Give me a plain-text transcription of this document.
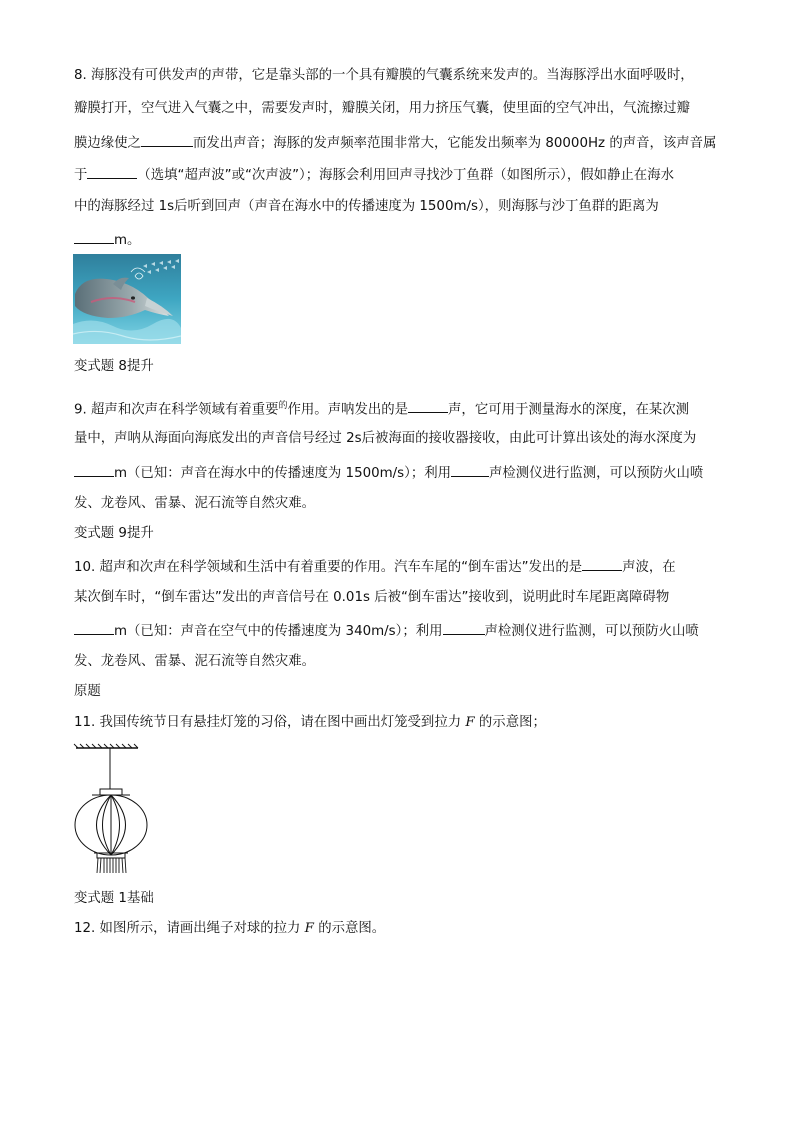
8. 海豚没有可供发声的声带，它是靠头部的一个具有瓣膜的气囊系统来发声的。当海豚浮出水面呼吸时，
瓣膜打开，空气进入气囊之中，需要发声时，瓣膜关闭，用力挤压气囊，使里面的空气冲出，气流擦过瓣
膜边缘使之	而发出声音；海豚的发声频率范围非常大，它能发出频率为 80000Hz 的声音，该声音属
于	（选填“超声波”或“次声波”）；海豚会利用回声寻找沙丁鱼群（如图所示），假如静止在海水
中的海豚经过 1s后听到回声（声音在海水中的传播速度为 1500m/s），则海豚与沙丁鱼群的距离为
m。
变式题 8提升
9. 超声和次声在科学领域有着重要$^的$作用。声呐发出的是	声，它可用于测量海水的深度，在某次测
量中，声呐从海面向海底发出的声音信号经过 2s后被海面的接收器接收，由此可计算出该处的海水深度为
m（已知：声音在海水中的传播速度为 1500m/s）；利用	声检测仪进行监测，可以预防火山喷
发、龙卷风、雷暴、泥石流等自然灾难。
变式题 9提升
10. 超声和次声在科学领域和生活中有着重要的作用。汽车车尾的“倒车雷达”发出的是	声波，在
某次倒车时，“倒车雷达”发出的声音信号在 0.01s 后被“倒车雷达”接收到，说明此时车尾距离障碍物
m（已知：声音在空气中的传播速度为 340m/s）；利用	声检测仪进行监测，可以预防火山喷
发、龙卷风、雷暴、泥石流等自然灾难。
原题
11. 我国传统节日有悬挂灯笼的习俗，请在图中画出灯笼受到拉力 F 的示意图；
变式题 1基础
12. 如图所示，请画出绳子对球的拉力 F 的示意图。
